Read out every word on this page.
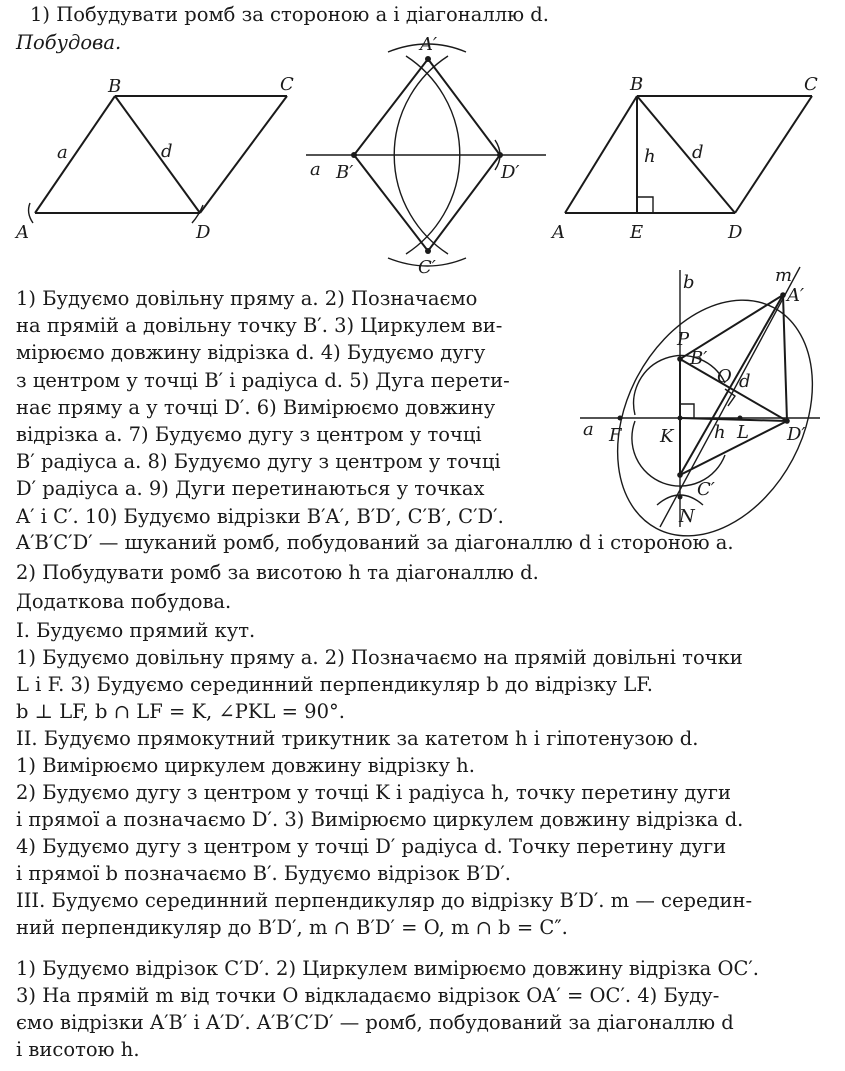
1) Побудувати ромб за стороною a і діагоналлю d.
Побудова.
B	C
A	D
a	d
A′
B′	D′
C′
a
B	C
A	E	D
h d
1) Будуємо довільну пряму a. 2) Позначаємо
на прямій a довільну точку B′. 3) Циркулем ви-
мірюємо довжину відрізка d. 4) Будуємо дугу
з центром у точці B′ і радіуса d. 5) Дуга перети-
нає пряму a у точці D′. 6) Вимірюємо довжину
відрізка a. 7) Будуємо дугу з центром у точці
B′ радіуса a. 8) Будуємо дугу з центром у точці
D′ радіуса a. 9) Дуги перетинаються у точках
A′ і C′. 10) Будуємо відрізки B′A′, B′D′, C′B′, C′D′.
b	m
A′
P
B′
O d
a F K h L D′
C′
N
A′B′C′D′ — шуканий ромб, побудований за діагоналлю d і стороною a.
2) Побудувати ромб за висотою h та діагоналлю d.
Додаткова побудова.
I. Будуємо прямий кут.
1) Будуємо довільну пряму a. 2) Позначаємо на прямій довільні точки
L і F. 3) Будуємо серединний перпендикуляр b до відрізку LF.
b ⊥ LF, b ∩ LF = K, ∠PKL = 90°.
II. Будуємо прямокутний трикутник за катетом h і гіпотенузою d.
1) Вимірюємо циркулем довжину відрізку h.
2) Будуємо дугу з центром у точці K і радіуса h, точку перетину дуги
і прямої a позначаємо D′. 3) Вимірюємо циркулем довжину відрізка d.
4) Будуємо дугу з центром у точці D′ радіуса d. Точку перетину дуги
і прямої b позначаємо B′. Будуємо відрізок B′D′.
III. Будуємо серединний перпендикуляр до відрізку B′D′. m — середин-
ний перпендикуляр до B′D′, m ∩ B′D′ = O, m ∩ b = C″.
1) Будуємо відрізок C′D′. 2) Циркулем вимірюємо довжину відрізка OC′.
3) На прямій m від точки O відкладаємо відрізок OA′ = OC′. 4) Буду-
ємо відрізки A′B′ і A′D′. A′B′C′D′ — ромб, побудований за діагоналлю d
і висотою h.
